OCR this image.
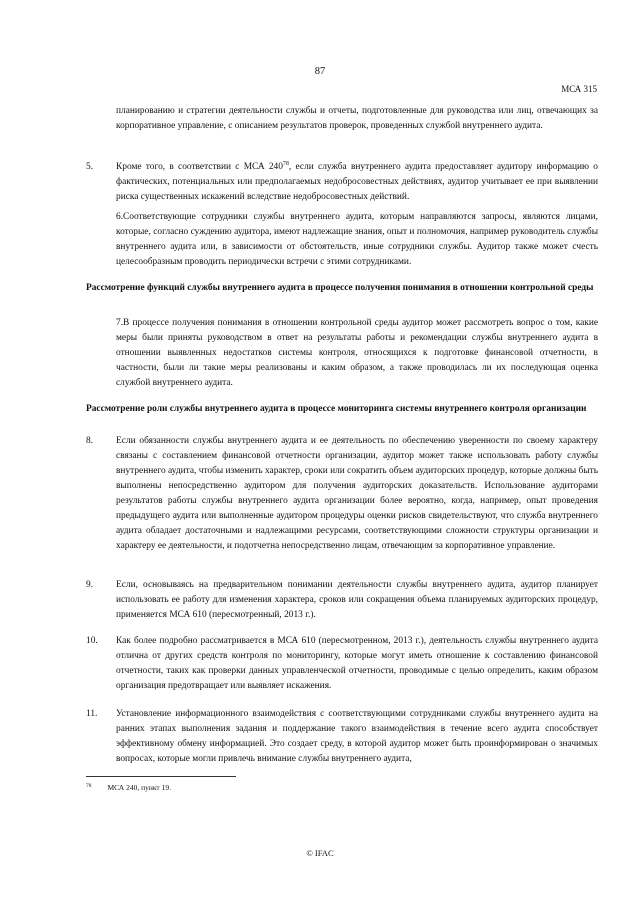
87
МСА 315

планированию и стратегии деятельности службы и отчеты, подготовленные для руководства или лиц, отвечающих за корпоративное управление, с описанием результатов проверок, проведенных службой внутреннего аудита.

5. Кроме того, в соответствии с МСА $240^{78}$, если служба внутреннего аудита предоставляет аудитору информацию о фактических, потенциальных или предполагаемых недобросовестных действиях, аудитор учитывает ее при выявлении риска существенных искажений вследствие недобросовестных действий.

6.Соответствующие сотрудники службы внутреннего аудита, которым направляются запросы, являются лицами, которые, согласно суждению аудитора, имеют надлежащие знания, опыт и полномочия, например руководитель службы внутреннего аудита или, в зависимости от обстоятельств, иные сотрудники службы. Аудитор также может счесть целесообразным проводить периодически встречи с этими сотрудниками.

Рассмотрение функций службы внутреннего аудита в процессе получения понимания в отношении контрольной среды

7.В процессе получения понимания в отношении контрольной среды аудитор может рассмотреть вопрос о том, какие меры были приняты руководством в ответ на результаты работы и рекомендации службы внутреннего аудита в отношении выявленных недостатков системы контроля, относящихся к подготовке финансовой отчетности, в частности, были ли такие меры реализованы и каким образом, а также проводилась ли их последующая оценка службой внутреннего аудита.

Рассмотрение роли службы внутреннего аудита в процессе мониторинга системы внутреннего контроля организации

8. Если обязанности службы внутреннего аудита и ее деятельность по обеспечению уверенности по своему характеру связаны с составлением финансовой отчетности организации, аудитор может также использовать работу службы внутреннего аудита, чтобы изменить характер, сроки или сократить объем аудиторских процедур, которые должны быть выполнены непосредственно аудитором для получения аудиторских доказательств. Использование аудиторами результатов работы службы внутреннего аудита организации более вероятно, когда, например, опыт проведения предыдущего аудита или выполненные аудитором процедуры оценки рисков свидетельствуют, что служба внутреннего аудита обладает достаточными и надлежащими ресурсами, соответствующими сложности структуры организации и характеру ее деятельности, и подотчетна непосредственно лицам, отвечающим за корпоративное управление.

9. Если, основываясь на предварительном понимании деятельности службы внутреннего аудита, аудитор планирует использовать ее работу для изменения характера, сроков или сокращения объема планируемых аудиторских процедур, применяется МСА 610 (пересмотренный, 2013 г.).

10. Как более подробно рассматривается в МСА 610 (пересмотренном, 2013 г.), деятельность службы внутреннего аудита отлична от других средств контроля по мониторингу, которые могут иметь отношение к составлению финансовой отчетности, таких как проверки данных управленческой отчетности, проводимые с целью определить, каким образом организация предотвращает или выявляет искажения.

11. Установление информационного взаимодействия с соответствующими сотрудниками службы внутреннего аудита на ранних этапах выполнения задания и поддержание такого взаимодействия в течение всего аудита способствует эффективному обмену информацией. Это создает среду, в которой аудитор может быть проинформирован о значимых вопросах, которые могли привлечь внимание службы внутреннего аудита,

$^{78}$ МСА 240, пункт 19.
© IFAC
